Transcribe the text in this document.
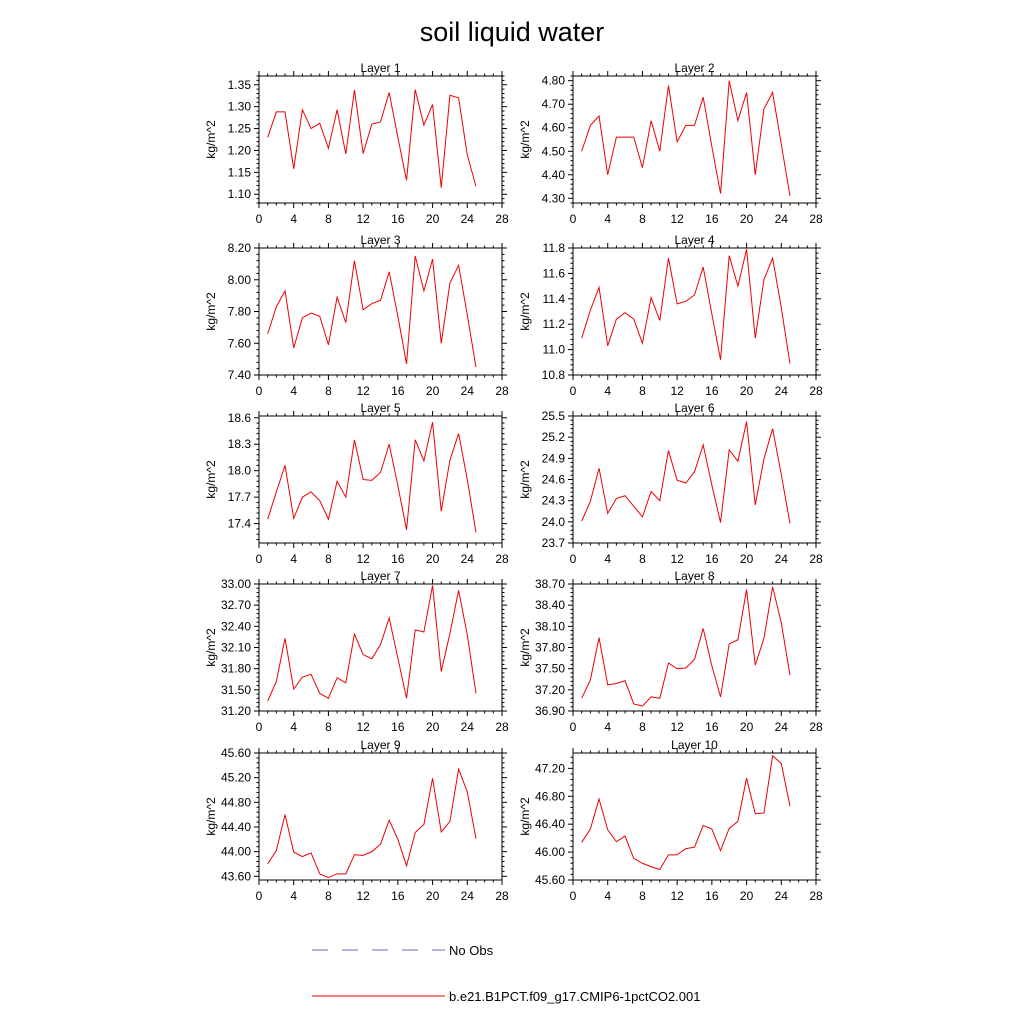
soil liquid water
Layer 1
kg/m^2
0 4 8 12 16 20 24 28
1.10
1.15
1.20
1.25
1.30
1.35
Layer 2
kg/m^2
0 4 8 12 16 20 24 28
4.30
4.40
4.50
4.60
4.70
4.80
Layer 3
kg/m^2
0 4 8 12 16 20 24 28
7.40
7.60
7.80
8.00
8.20
Layer 4
kg/m^2
0 4 8 12 16 20 24 28
10.8
11.0
11.2
11.4
11.6
11.8
Layer 5
kg/m^2
0 4 8 12 16 20 24 28
17.4
17.7
18.0
18.3
18.6
Layer 6
kg/m^2
0 4 8 12 16 20 24 28
23.7
24.0
24.3
24.6
24.9
25.2
25.5
Layer 7
kg/m^2
0 4 8 12 16 20 24 28
31.20
31.50
31.80
32.10
32.40
32.70
33.00
Layer 8
kg/m^2
0 4 8 12 16 20 24 28
36.90
37.20
37.50
37.80
38.10
38.40
38.70
Layer 9
kg/m^2
0 4 8 12 16 20 24 28
43.60
44.00
44.40
44.80
45.20
45.60
Layer 10
kg/m^2
0 4 8 12 16 20 24 28
45.60
46.00
46.40
46.80
47.20
No Obs
b.e21.B1PCT.f09_g17.CMIP6-1pctCO2.001
